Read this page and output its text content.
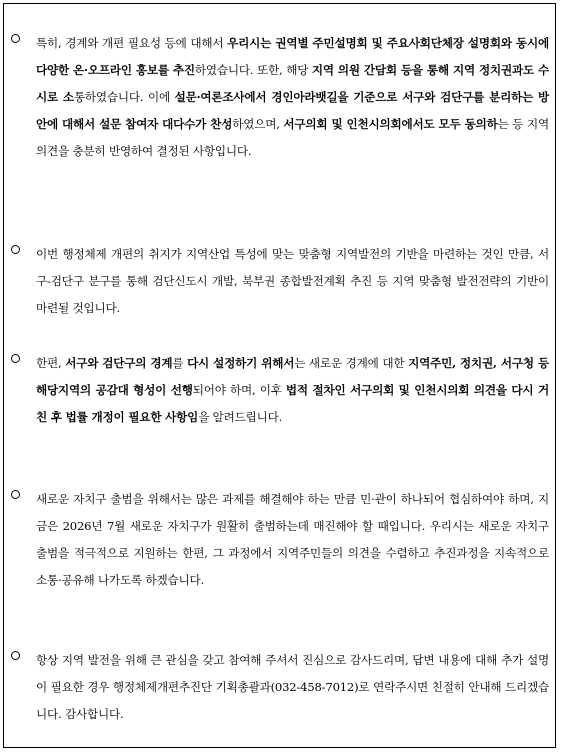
특히, 경계와 개편 필요성 등에 대해서 우리시는 권역별 주민설명회 및 주요사회단체장 설명회와 동시에 다양한 온·오프라인 홍보를 추진하였습니다. 또한, 해당 지역 의원 간담회 등을 통해 지역 정치권과도 수시로 소통하였습니다. 이에 설문·여론조사에서 경인아라뱃길을 기준으로 서구와 검단구를 분리하는 방안에 대해서 설문 참여자 대다수가 찬성하였으며, 서구의회 및 인천시의회에서도 모두 동의하는 등 지역의견을 충분히 반영하여 결정된 사항입니다.
이번 행정체제 개편의 취지가 지역산업 특성에 맞는 맞춤형 지역발전의 기반을 마련하는 것인 만큼, 서구-검단구 분구를 통해 검단신도시 개발, 북부권 종합발전계획 추진 등 지역 맞춤형 발전전략의 기반이 마련될 것입니다.
한편, 서구와 검단구의 경계를 다시 설정하기 위해서는 새로운 경계에 대한 지역주민, 정치권, 서구청 등 해당지역의 공감대 형성이 선행되어야 하며, 이후 법적 절차인 서구의회 및 인천시의회 의견을 다시 거친 후 법률 개정이 필요한 사항임을 알려드립니다.
새로운 자치구 출범을 위해서는 많은 과제를 해결해야 하는 만큼 민·관이 하나되어 협심하여야 하며, 지금은 2026년 7월 새로운 자치구가 원활히 출범하는데 매진해야 할 때입니다. 우리시는 새로운 자치구 출범을 적극적으로 지원하는 한편, 그 과정에서 지역주민들의 의견을 수렴하고 추진과정을 지속적으로 소통·공유해 나가도록 하겠습니다.
항상 지역 발전을 위해 큰 관심을 갖고 참여해 주셔서 진심으로 감사드리며, 답변 내용에 대해 추가 설명이 필요한 경우 행정체제개편추진단 기획총괄과(032-458-7012)로 연락주시면 친절히 안내해 드리겠습니다. 감사합니다.
